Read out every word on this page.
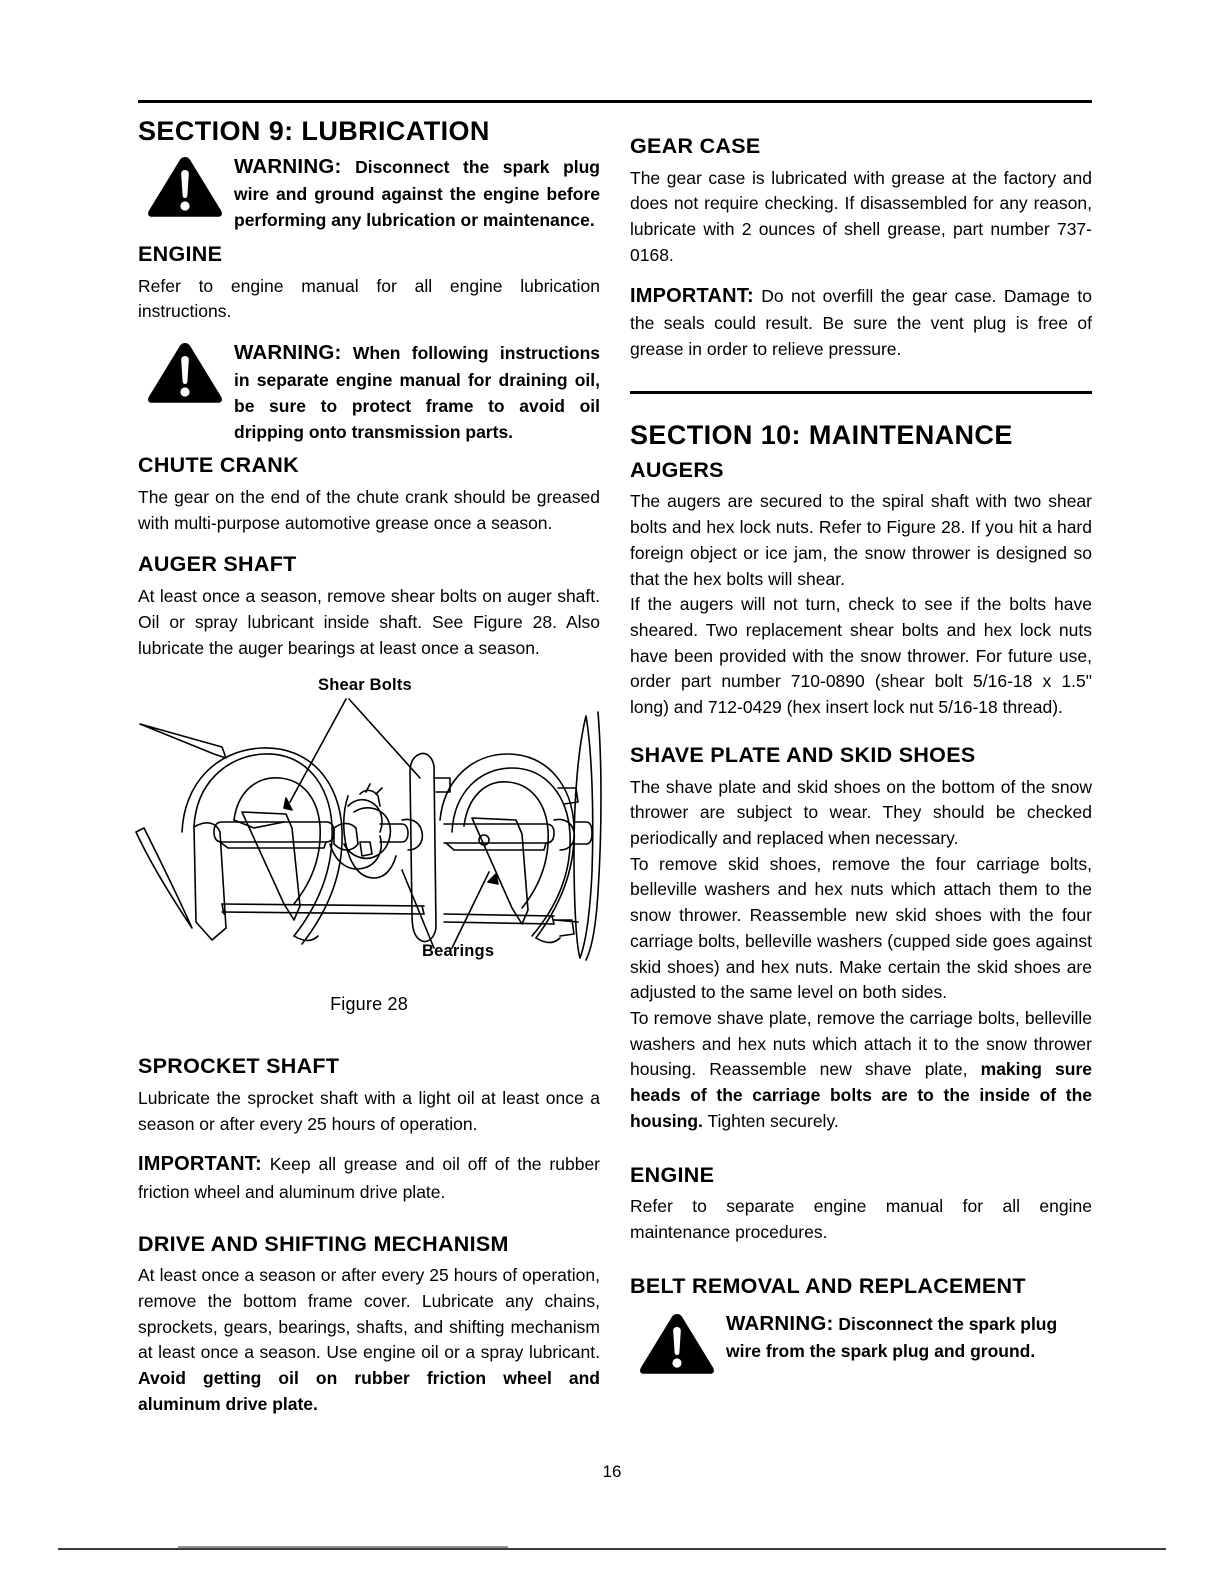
SECTION 9: LUBRICATION
WARNING: Disconnect the spark plug wire and ground against the engine before performing any lubrication or maintenance.
ENGINE

Refer to engine manual for all engine lubrication instructions.

WARNING: When following instructions in separate engine manual for draining oil, be sure to protect frame to avoid oil dripping onto transmission parts.
CHUTE CRANK

The gear on the end of the chute crank should be greased with multi-purpose automotive grease once a season.

AUGER SHAFT

At least once a season, remove shear bolts on auger shaft. Oil or spray lubricant inside shaft. See Figure 28. Also lubricate the auger bearings at least once a season.

Shear Bolts
Bearings
Figure 28
SPROCKET SHAFT

Lubricate the sprocket shaft with a light oil at least once a season or after every 25 hours of operation.

IMPORTANT: Keep all grease and oil off of the rubber friction wheel and aluminum drive plate.

DRIVE AND SHIFTING MECHANISM

At least once a season or after every 25 hours of operation, remove the bottom frame cover. Lubricate any chains, sprockets, gears, bearings, shafts, and shifting mechanism at least once a season. Use engine oil or a spray lubricant. Avoid getting oil on rubber friction wheel and aluminum drive plate.

GEAR CASE

The gear case is lubricated with grease at the factory and does not require checking. If disassembled for any reason, lubricate with 2 ounces of shell grease, part number 737-0168.

IMPORTANT: Do not overfill the gear case. Damage to the seals could result. Be sure the vent plug is free of grease in order to relieve pressure.

SECTION 10: MAINTENANCE
AUGERS

The augers are secured to the spiral shaft with two shear bolts and hex lock nuts. Refer to Figure 28. If you hit a hard foreign object or ice jam, the snow thrower is designed so that the hex bolts will shear.

If the augers will not turn, check to see if the bolts have sheared. Two replacement shear bolts and hex lock nuts have been provided with the snow thrower. For future use, order part number 710-0890 (shear bolt 5/16-18 x 1.5" long) and 712-0429 (hex insert lock nut 5/16-18 thread).

SHAVE PLATE AND SKID SHOES

The shave plate and skid shoes on the bottom of the snow thrower are subject to wear. They should be checked periodically and replaced when necessary.

To remove skid shoes, remove the four carriage bolts, belleville washers and hex nuts which attach them to the snow thrower. Reassemble new skid shoes with the four carriage bolts, belleville washers (cupped side goes against skid shoes) and hex nuts. Make certain the skid shoes are adjusted to the same level on both sides.

To remove shave plate, remove the carriage bolts, belleville washers and hex nuts which attach it to the snow thrower housing. Reassemble new shave plate, making sure heads of the carriage bolts are to the inside of the housing. Tighten securely.

ENGINE

Refer to separate engine manual for all engine maintenance procedures.

BELT REMOVAL AND REPLACEMENT
WARNING: Disconnect the spark plug wire from the spark plug and ground.
16
